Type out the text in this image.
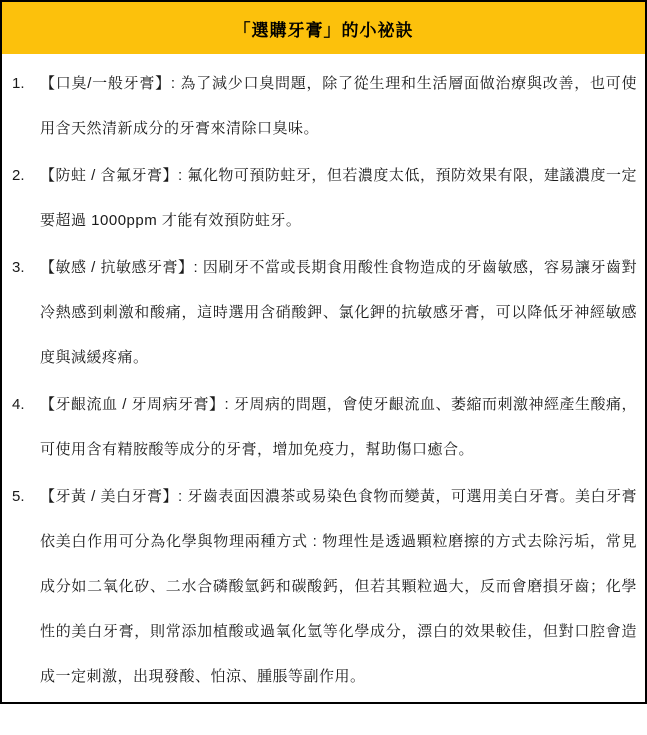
「選購牙膏」的小祕訣
1.	【口臭/一般牙膏】: 為了減少口臭問題，除了從生理和生活層面做治療與改善，也可使用含天然清新成分的牙膏來清除口臭味。
2.	【防蛀 / 含氟牙膏】: 氟化物可預防蛀牙，但若濃度太低，預防效果有限，建議濃度一定要超過 1000ppm 才能有效預防蛀牙。
3.	【敏感 / 抗敏感牙膏】: 因刷牙不當或長期食用酸性食物造成的牙齒敏感，容易讓牙齒對冷熱感到刺激和酸痛，這時選用含硝酸鉀、氯化鉀的抗敏感牙膏，可以降低牙神經敏感度與減緩疼痛。
4.	【牙齦流血 / 牙周病牙膏】: 牙周病的問題，會使牙齦流血、萎縮而刺激神經產生酸痛，可使用含有精胺酸等成分的牙膏，增加免疫力，幫助傷口癒合。
5.	【牙黃 / 美白牙膏】: 牙齒表面因濃茶或易染色食物而變黃，可選用美白牙膏。美白牙膏依美白作用可分為化學與物理兩種方式 : 物理性是透過顆粒磨擦的方式去除污垢，常見成分如二氧化矽、二水合磷酸氫鈣和碳酸鈣，但若其顆粒過大，反而會磨損牙齒；化學性的美白牙膏，則常添加植酸或過氧化氫等化學成分，漂白的效果較佳，但對口腔會造成一定刺激，出現發酸、怕涼、腫脹等副作用。
